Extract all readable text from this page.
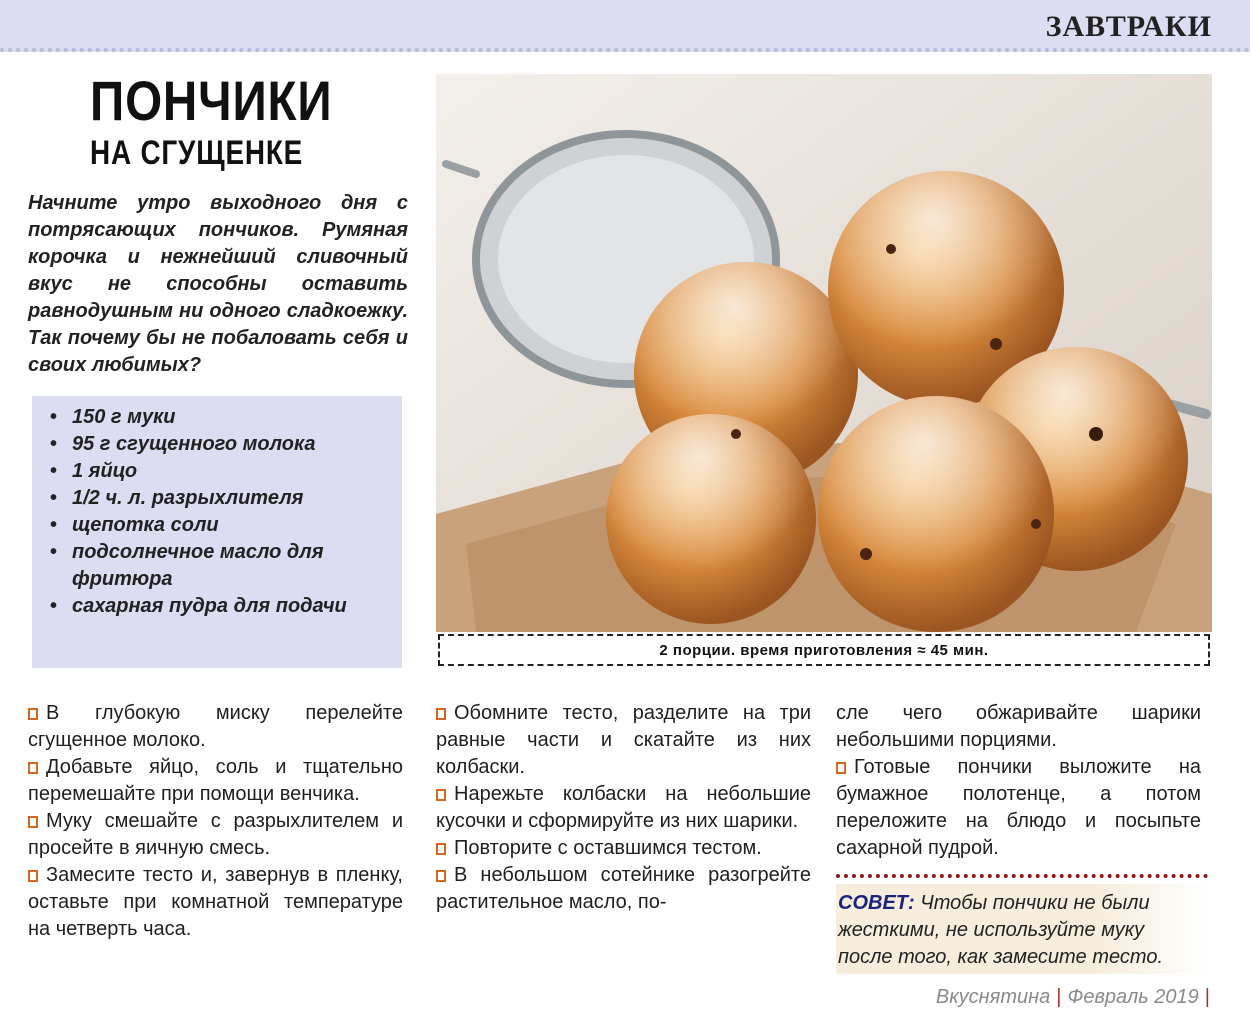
ЗАВТРАКИ
ПОНЧИКИ
НА СГУЩЕНКЕ
Начните утро выходного дня с потрясающих пончиков. Румяная корочка и нежнейший сливочный вкус не способны оставить равнодушным ни одного сладкоежку. Так почему бы не побаловать себя и своих любимых?
• 150 г муки
• 95 г сгущенного молока
• 1 яйцо
• 1/2 ч. л. разрыхлителя
• щепотка соли
• подсолнечное масло для фритюра
• сахарная пудра для подачи
2 порции. время приготовления ≈ 45 мин.

В глубокую миску перелейте сгущенное молоко.

Добавьте яйцо, соль и тщательно перемешайте при помощи венчика.

Муку смешайте с разрыхлителем и просейте в яичную смесь.

Замесите тесто и, завернув в пленку, оставьте при комнатной температуре на четверть часа.

Обомните тесто, разделите на три равные части и скатайте из них колбаски.

Нарежьте колбаски на небольшие кусочки и сформируйте из них шарики.

Повторите с оставшимся тестом.

В небольшом сотейнике разогрейте растительное масло, по-

сле чего обжаривайте шарики небольшими порциями.

Готовые пончики выложите на бумажное полотенце, а потом переложите на блюдо и посыпьте сахарной пудрой.

СОВЕТ: Чтобы пончики не были жесткими, не используйте муку после того, как замесите тесто.
Вкуснятина | Февраль 2019 |
